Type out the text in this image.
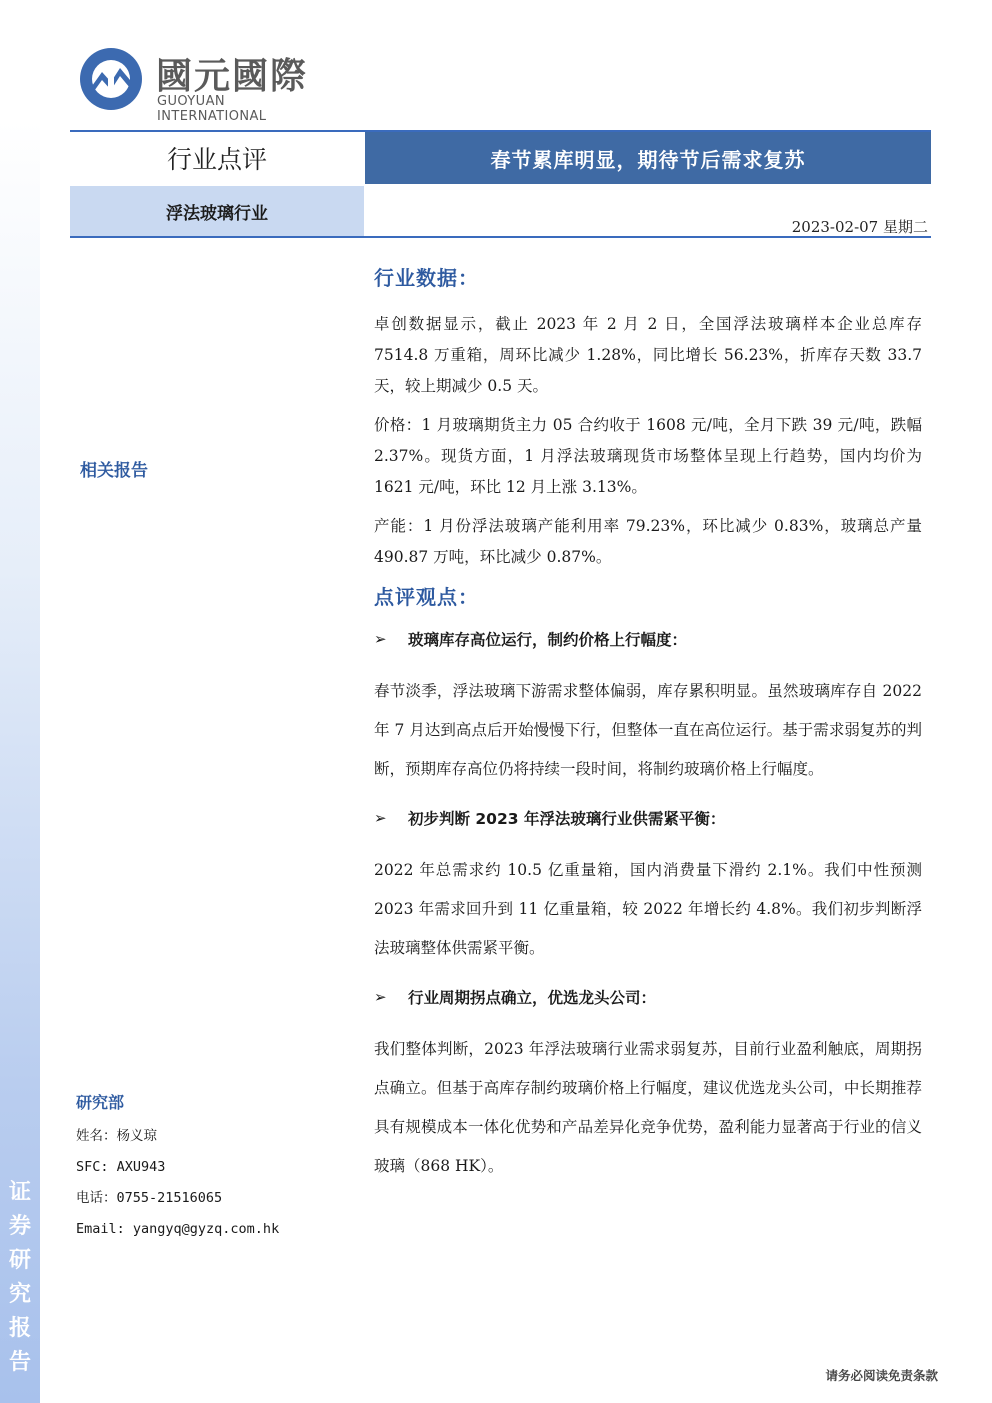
证券研究报告
國元國際
GUOYUAN INTERNATIONAL
行业点评	春节累库明显，期待节后需求复苏
浮法玻璃行业
2023-02-07 星期二
相关报告
研究部
姓名：杨义琼
SFC: AXU943
电话：0755-21516065
Email: yangyq@gyzq.com.hk
行业数据：

卓创数据显示，截止 2023 年 2 月 2 日，全国浮法玻璃样本企业总库存 7514.8 万重箱，周环比减少 1.28%，同比增长 56.23%，折库存天数 33.7 天，较上期减少 0.5 天。

价格：1 月玻璃期货主力 05 合约收于 1608 元/吨，全月下跌 39 元/吨，跌幅 2.37%。现货方面，1 月浮法玻璃现货市场整体呈现上行趋势，国内均价为 1621 元/吨，环比 12 月上涨 3.13%。

产能：1 月份浮法玻璃产能利用率 79.23%，环比减少 0.83%，玻璃总产量 490.87 万吨，环比减少 0.87%。

点评观点：
➢	玻璃库存高位运行，制约价格上行幅度：

春节淡季，浮法玻璃下游需求整体偏弱，库存累积明显。虽然玻璃库存自 2022 年 7 月达到高点后开始慢慢下行，但整体一直在高位运行。基于需求弱复苏的判断，预期库存高位仍将持续一段时间，将制约玻璃价格上行幅度。

➢	初步判断 2023 年浮法玻璃行业供需紧平衡：

2022 年总需求约 10.5 亿重量箱，国内消费量下滑约 2.1%。我们中性预测 2023 年需求回升到 11 亿重量箱，较 2022 年增长约 4.8%。我们初步判断浮法玻璃整体供需紧平衡。

➢	行业周期拐点确立，优选龙头公司：

我们整体判断，2023 年浮法玻璃行业需求弱复苏，目前行业盈利触底，周期拐点确立。但基于高库存制约玻璃价格上行幅度，建议优选龙头公司，中长期推荐具有规模成本一体化优势和产品差异化竞争优势，盈利能力显著高于行业的信义玻璃（868 HK）。

请务必阅读免责条款
